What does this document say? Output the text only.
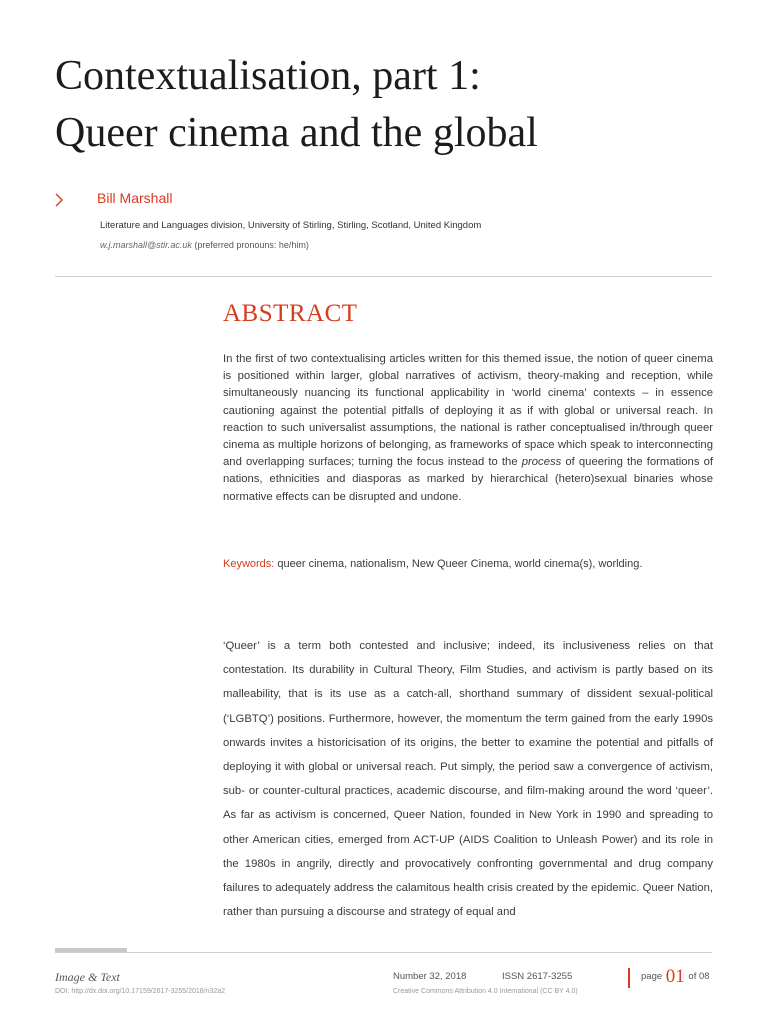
Contextualisation, part 1:
Queer cinema and the global
Bill Marshall
Literature and Languages division, University of Stirling, Stirling, Scotland, United Kingdom
w.j.marshall@stir.ac.uk (preferred pronouns: he/him)
ABSTRACT

In the first of two contextualising articles written for this themed issue, the notion of queer cinema is positioned within larger, global narratives of activism, theory-making and reception, while simultaneously nuancing its functional applicability in ‘world cinema’ contexts – in essence cautioning against the potential pitfalls of deploying it as if with global or universal reach. In reaction to such universalist assumptions, the national is rather conceptualised in/through queer cinema as multiple horizons of belonging, as frameworks of space which speak to interconnecting and overlapping surfaces; turning the focus instead to the process of queering the formations of nations, ethnicities and diasporas as marked by hierarchical (hetero)sexual binaries whose normative effects can be disrupted and undone.

Keywords: queer cinema, nationalism, New Queer Cinema, world cinema(s), worlding.

‘Queer’ is a term both contested and inclusive; indeed, its inclusiveness relies on that contestation. Its durability in Cultural Theory, Film Studies, and activism is partly based on its malleability, that is its use as a catch-all, shorthand summary of dissident sexual-political (‘LGBTQ’) positions. Furthermore, however, the momentum the term gained from the early 1990s onwards invites a historicisation of its origins, the better to examine the potential and pitfalls of deploying it with global or universal reach. Put simply, the period saw a convergence of activism, sub- or counter-cultural practices, academic discourse, and film-making around the word ‘queer’. As far as activism is concerned, Queer Nation, founded in New York in 1990 and spreading to other American cities, emerged from ACT-UP (AIDS Coalition to Unleash Power) and its role in the 1980s in angrily, directly and provocatively confronting governmental and drug company failures to adequately address the calamitous health crisis created by the epidemic. Queer Nation, rather than pursuing a discourse and strategy of equal and

Image & Text
DOI: http://dx.doi.org/10.17159/2617-3255/2018/n32a2
Number 32, 2018	ISSN 2617-3255
Creative Commons Attribution 4.0 International (CC BY 4.0)
page 01 of 08
